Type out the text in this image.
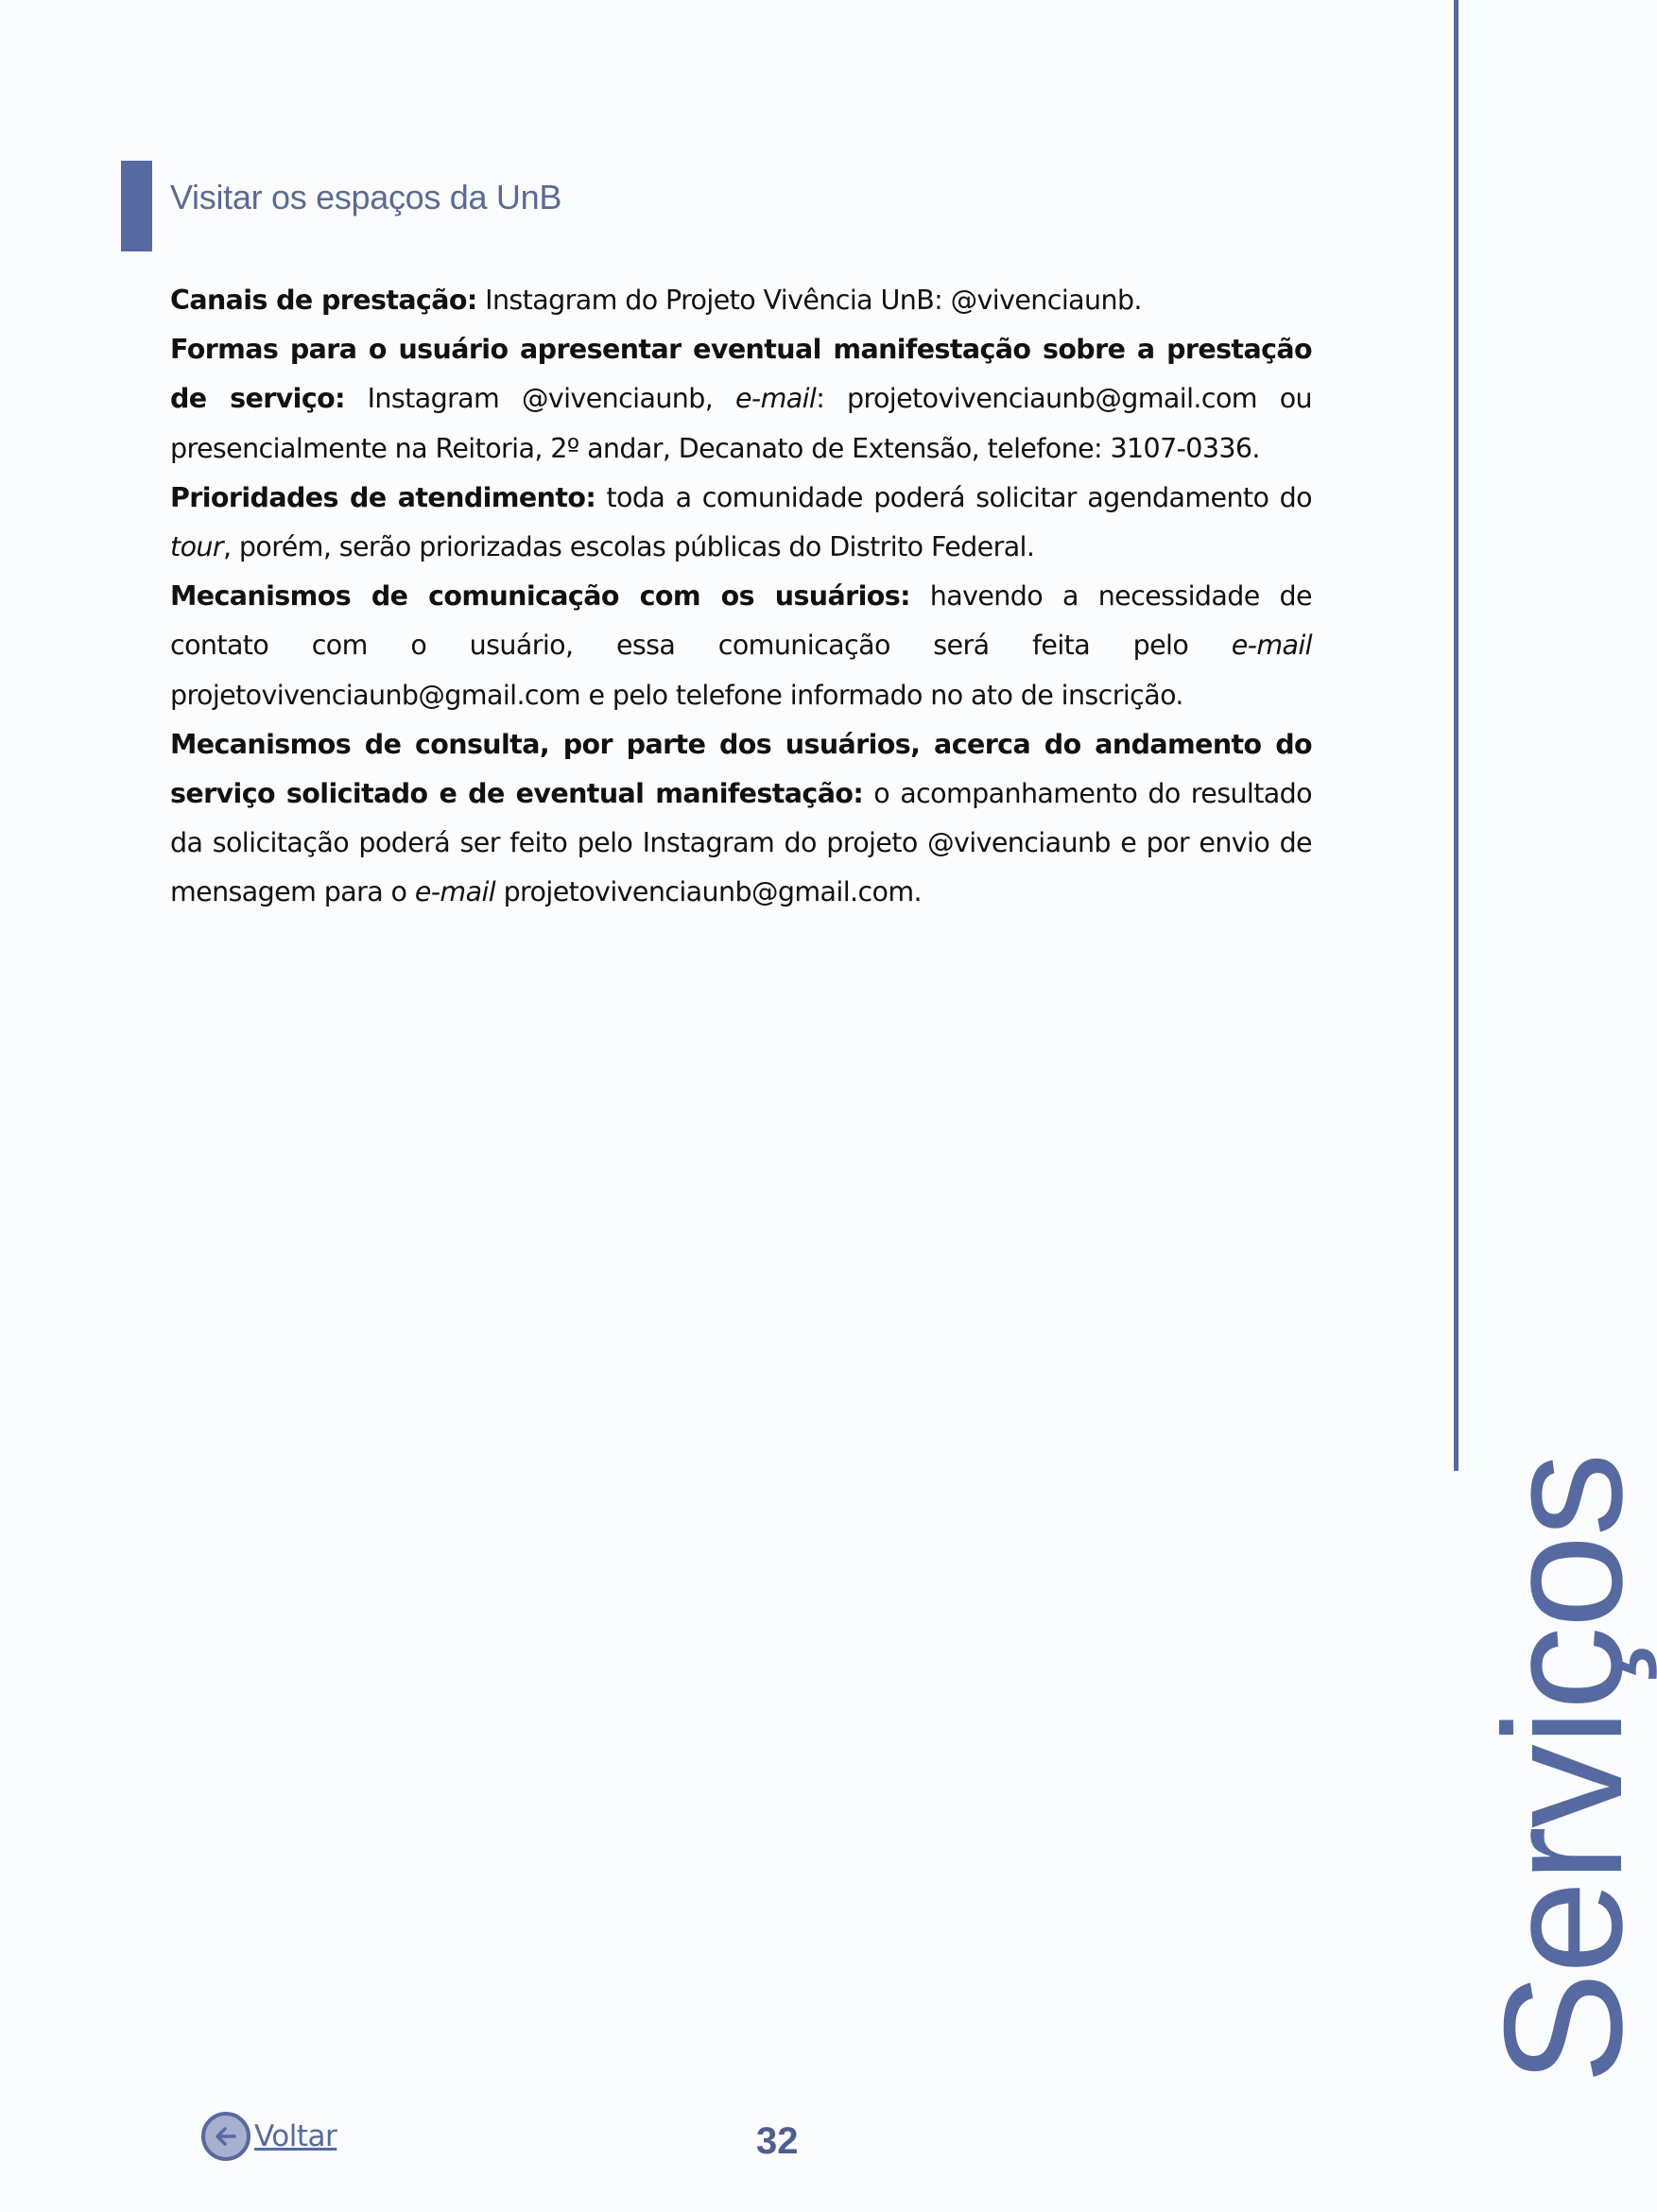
Visitar os espaços da UnB

Canais de prestação: Instagram do Projeto Vivência UnB: @vivenciaunb.

Formas para o usuário apresentar eventual manifestação sobre a prestação de serviço: Instagram @vivenciaunb, e-mail: projetovivenciaunb@gmail.com ou presencialmente na Reitoria, 2º andar, Decanato de Extensão, telefone: 3107-0336.

Prioridades de atendimento: toda a comunidade poderá solicitar agendamento do tour, porém, serão priorizadas escolas públicas do Distrito Federal.

Mecanismos de comunicação com os usuários: havendo a necessidade de contato com o usuário, essa comunicação será feita pelo e-mail projetovivenciaunb@gmail.com e pelo telefone informado no ato de inscrição.

Mecanismos de consulta, por parte dos usuários, acerca do andamento do serviço solicitado e de eventual manifestação: o acompanhamento do resultado da solicitação poderá ser feito pelo Instagram do projeto @vivenciaunb e por envio de mensagem para o e-mail projetovivenciaunb@gmail.com.

Serviços
Voltar	32
